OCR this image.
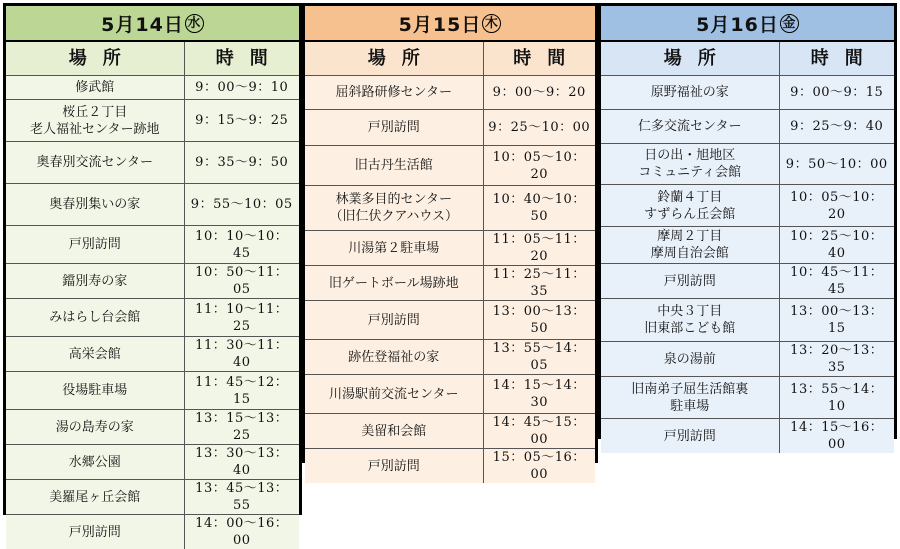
5月14日 水
場所	時間
修武館	9：00～9：10
桜丘２丁目
老人福祉センター跡地	9：15～9：25
奥春別交流センター	9：35～9：50
奥春別集いの家	9：55～10：05
戸別訪問	10：10～10：45
鐺別寿の家	10：50～11：05
みはらし台会館	11：10～11：25
高栄会館	11：30～11：40
役場駐車場	11：45～12：15
湯の島寿の家	13：15～13：25
水郷公園	13：30～13：40
美羅尾ヶ丘会館	13：45～13：55
戸別訪問	14：00～16：00
5月15日 木
場所	時間
屈斜路研修センター	9：00～9：20
戸別訪問	9：25～10：00
旧古丹生活館	10：05～10：20
林業多目的センター
（旧仁伏クアハウス）	10：40～10：50
川湯第２駐車場	11：05～11：20
旧ゲートボール場跡地	11：25～11：35
戸別訪問	13：00～13：50
跡佐登福祉の家	13：55～14：05
川湯駅前交流センター	14：15～14：30
美留和会館	14：45～15：00
戸別訪問	15：05～16：00
5月16日 金
場所	時間
原野福祉の家	9：00～9：15
仁多交流センター	9：25～9：40
日の出・旭地区
コミュニティ会館	9：50～10：00
鈴蘭４丁目
すずらん丘会館	10：05～10：20
摩周２丁目
摩周自治会館	10：25～10：40
戸別訪問	10：45～11：45
中央３丁目
旧東部こども館	13：00～13：15
泉の湯前	13：20～13：35
旧南弟子屈生活館裏
駐車場	13：55～14：10
戸別訪問	14：15～16：00
